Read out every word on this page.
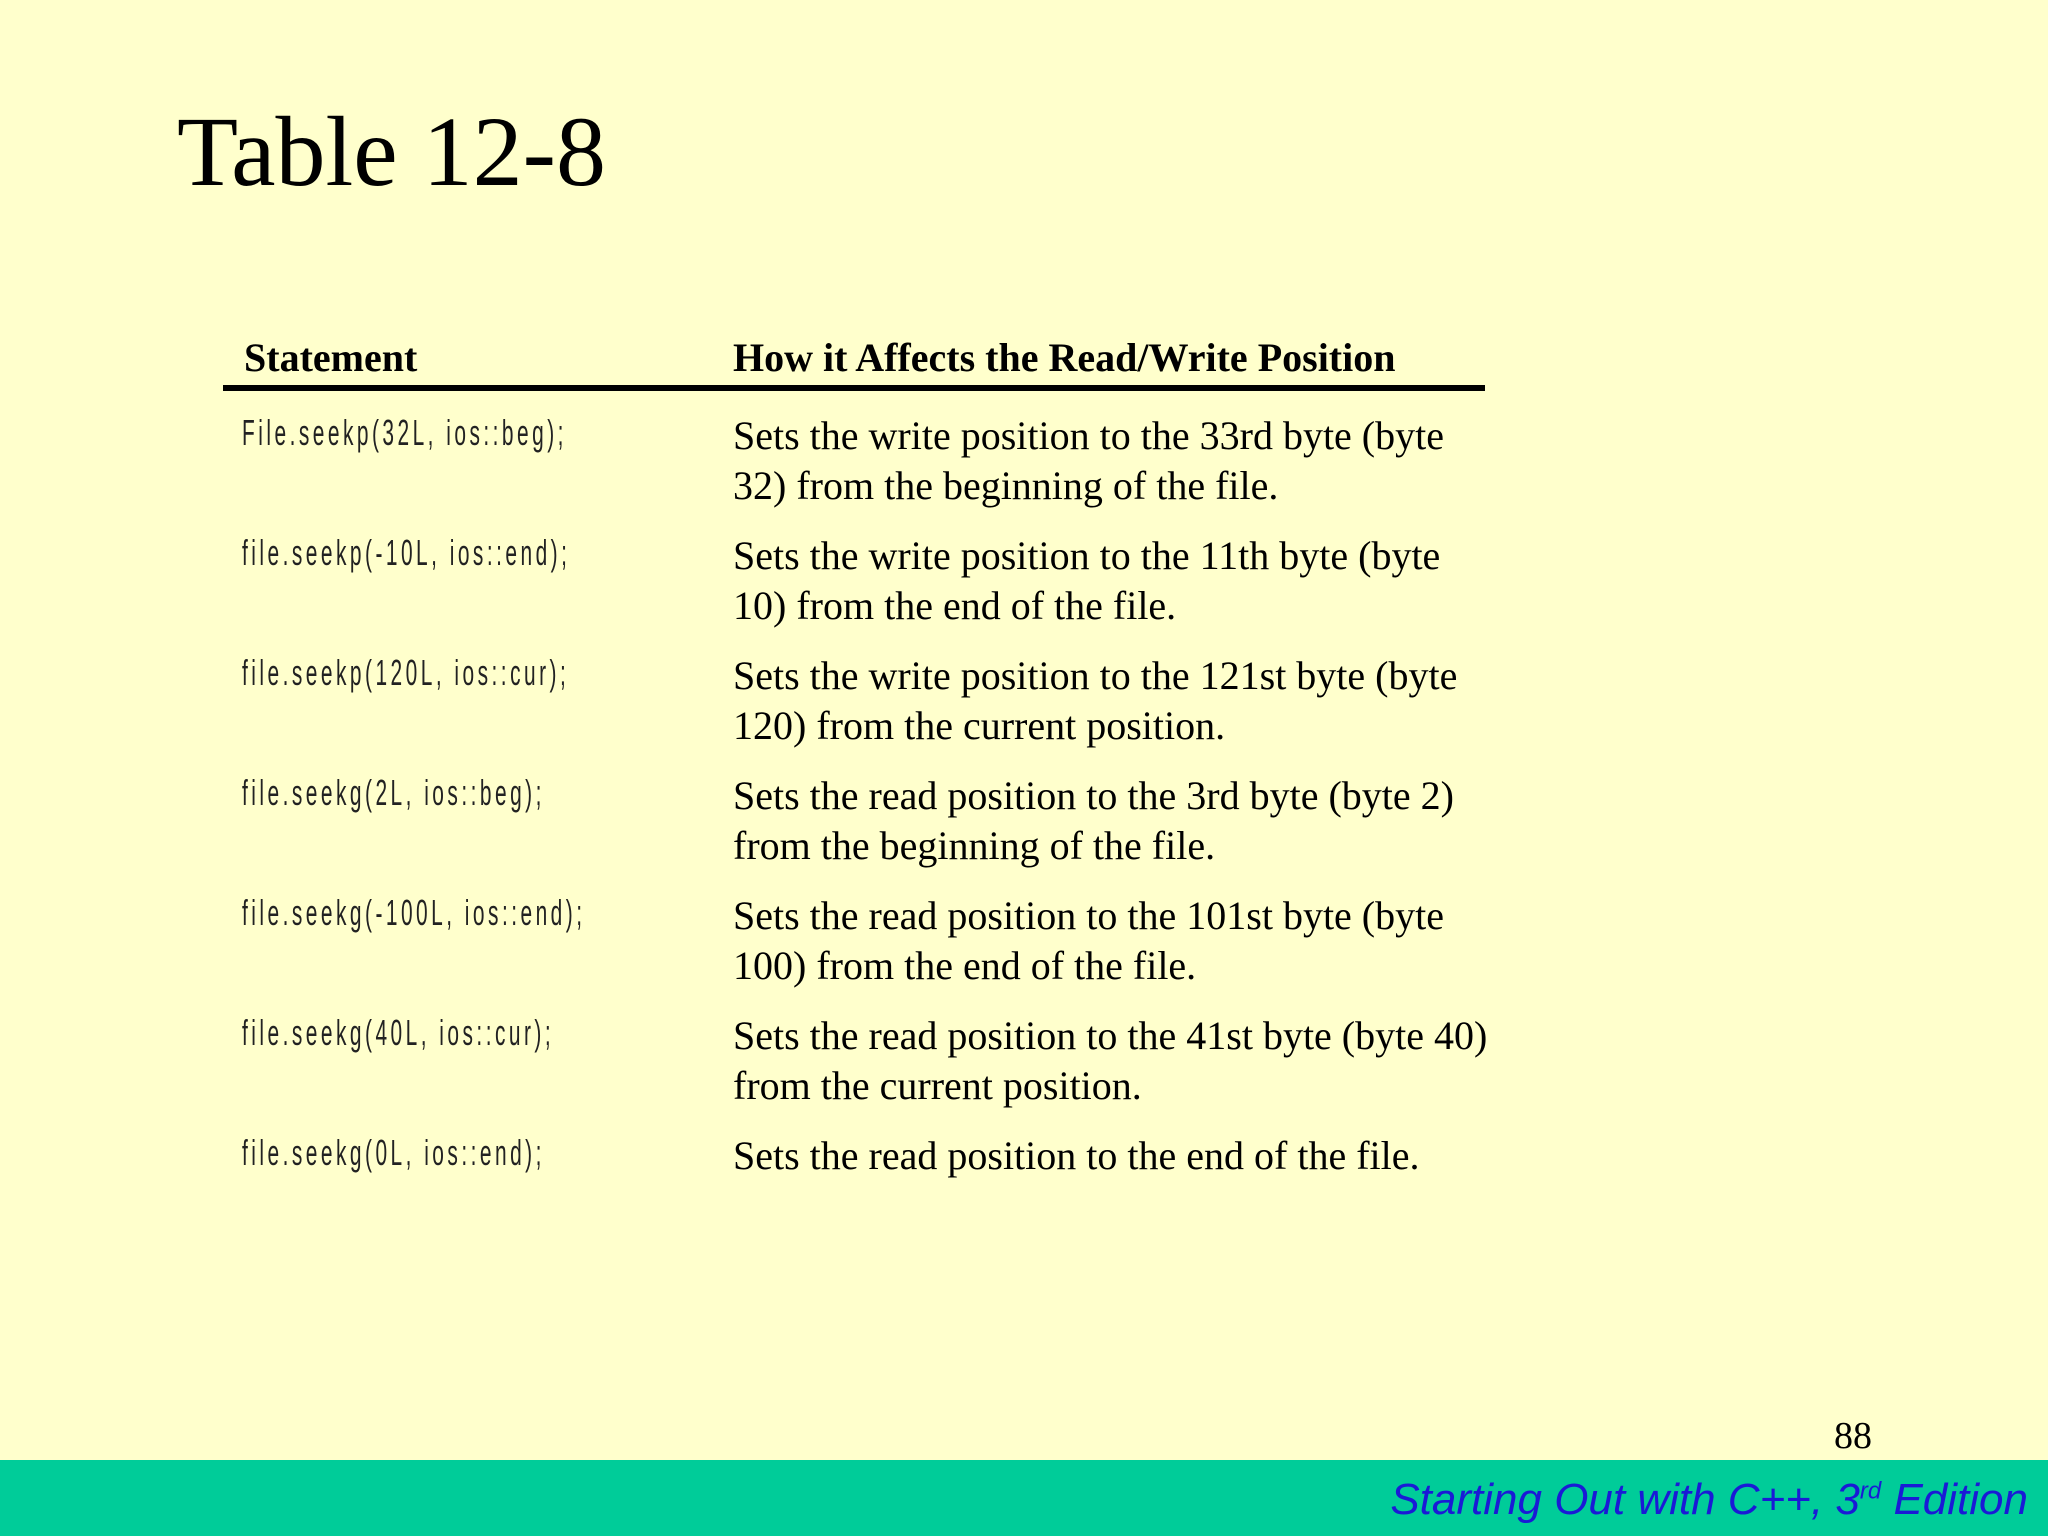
Table 12-8
Statement	How it Affects the Read/Write Position
File.seekp(32L, ios::beg);	Sets the write position to the 33rd byte (byte 32) from the beginning of the file.
file.seekp(-10L, ios::end);	Sets the write position to the 11th byte (byte 10) from the end of the file.
file.seekp(120L, ios::cur);	Sets the write position to the 121st byte (byte 120) from the current position.
file.seekg(2L, ios::beg);	Sets the read position to the 3rd byte (byte 2) from the beginning of the file.
file.seekg(-100L, ios::end);	Sets the read position to the 101st byte (byte 100) from the end of the file.
file.seekg(40L, ios::cur);	Sets the read position to the 41st byte (byte 40) from the current position.
file.seekg(0L, ios::end);	Sets the read position to the end of the file.
88
Starting Out with C++, 3rd Edition
